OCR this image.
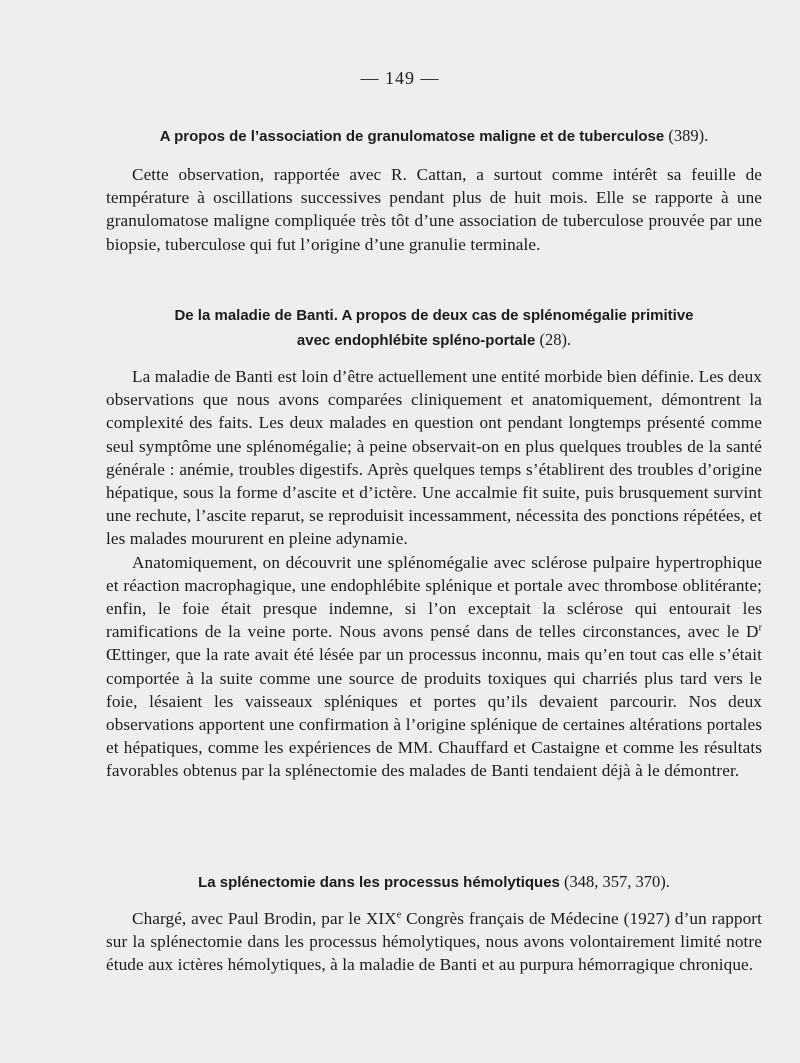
— 149 —
A propos de l’association de granulomatose maligne et de tuberculose (389).

Cette observation, rapportée avec R. Cattan, a surtout comme intérêt sa feuille de température à oscillations successives pendant plus de huit mois. Elle se rapporte à une granulomatose maligne compliquée très tôt d’une association de tuberculose prouvée par une biopsie, tuberculose qui fut l’origine d’une granulie terminale.

De la maladie de Banti. A propos de deux cas de splénomégalie primitive
avec endophlébite spléno-portale (28).

La maladie de Banti est loin d’être actuellement une entité morbide bien définie. Les deux observations que nous avons comparées cliniquement et anatomiquement, démontrent la complexité des faits. Les deux malades en question ont pendant longtemps présenté comme seul symptôme une splénomégalie; à peine observait-on en plus quelques troubles de la santé générale : anémie, troubles digestifs. Après quelques temps s’établirent des troubles d’origine hépatique, sous la forme d’ascite et d’ictère. Une accalmie fit suite, puis brusquement survint une rechute, l’ascite reparut, se reproduisit incessamment, nécessita des ponctions répétées, et les malades moururent en pleine adynamie.

Anatomiquement, on découvrit une splénomégalie avec sclérose pulpaire hypertrophique et réaction macrophagique, une endophlébite splénique et portale avec thrombose oblitérante; enfin, le foie était presque indemne, si l’on exceptait la sclérose qui entourait les ramifications de la veine porte. Nous avons pensé dans de telles circonstances, avec le $D^r$ Œttinger, que la rate avait été lésée par un processus inconnu, mais qu’en tout cas elle s’était comportée à la suite comme une source de produits toxiques qui charriés plus tard vers le foie, lésaient les vaisseaux spléniques et portes qu’ils devaient parcourir. Nos deux observations apportent une confirmation à l’origine splénique de certaines altérations portales et hépatiques, comme les expériences de MM. Chauffard et Castaigne et comme les résultats favorables obtenus par la splénectomie des malades de Banti tendaient déjà à le démontrer.

La splénectomie dans les processus hémolytiques (348, 357, 370).

Chargé, avec Paul Brodin, par le XIXe Congrès français de Médecine (1927) d’un rapport sur la splénectomie dans les processus hémolytiques, nous avons volontairement limité notre étude aux ictères hémolytiques, à la maladie de Banti et au purpura hémorragique chronique.
